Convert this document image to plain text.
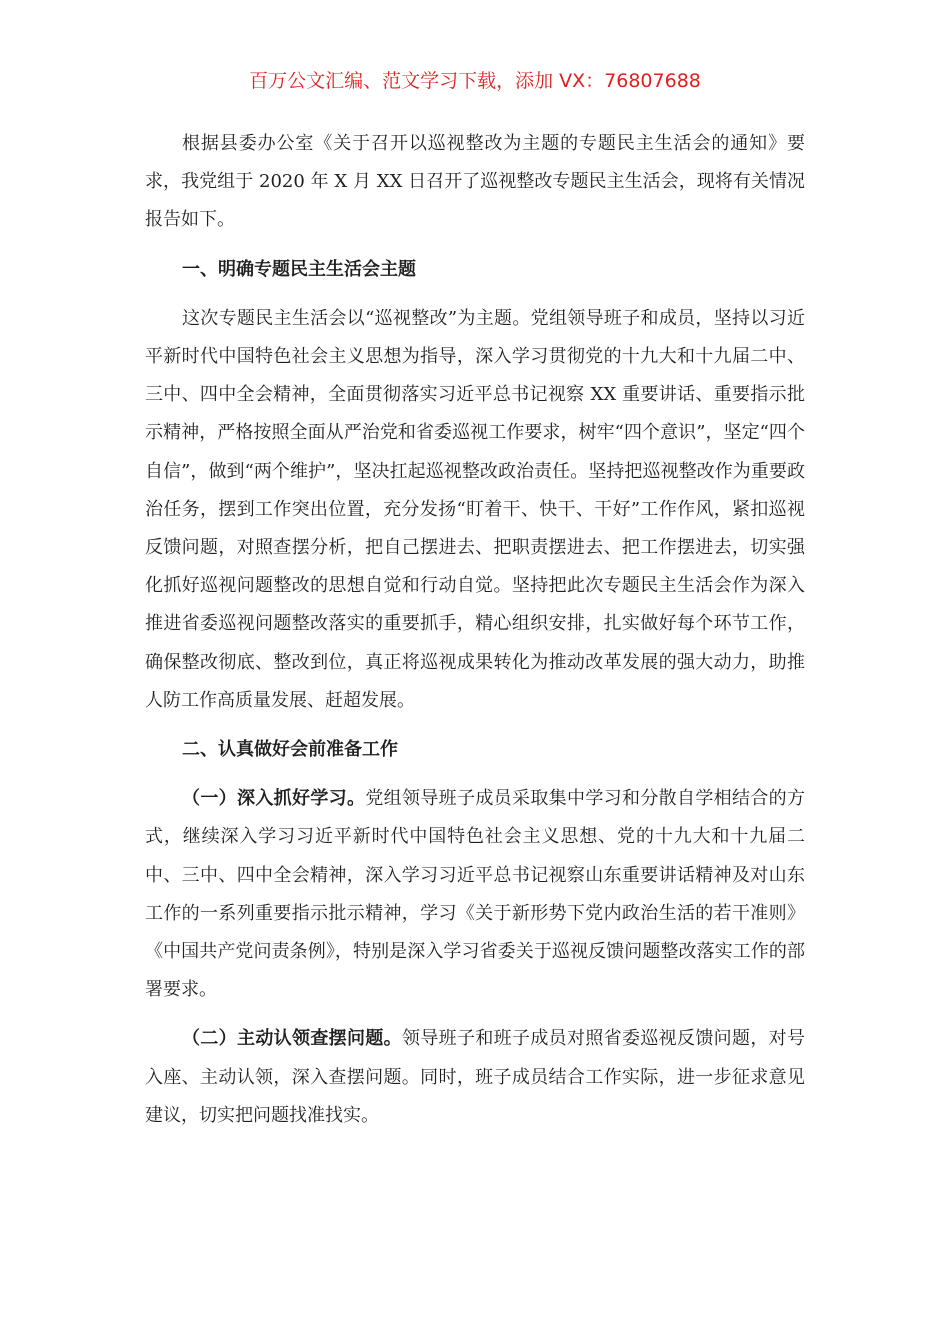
百万公文汇编、范文学习下载，添加 VX：76807688

根据县委办公室《关于召开以巡视整改为主题的专题民主生活会的通知》要求，我党组于 2020 年 X 月 XX 日召开了巡视整改专题民主生活会，现将有关情况报告如下。

一、明确专题民主生活会主题

这次专题民主生活会以“巡视整改”为主题。党组领导班子和成员，坚持以习近平新时代中国特色社会主义思想为指导，深入学习贯彻党的十九大和十九届二中、三中、四中全会精神，全面贯彻落实习近平总书记视察 XX 重要讲话、重要指示批示精神，严格按照全面从严治党和省委巡视工作要求，树牢“四个意识”，坚定“四个自信”，做到“两个维护”，坚决扛起巡视整改政治责任。坚持把巡视整改作为重要政治任务，摆到工作突出位置，充分发扬“盯着干、快干、干好”工作作风，紧扣巡视反馈问题，对照查摆分析，把自己摆进去、把职责摆进去、把工作摆进去，切实强化抓好巡视问题整改的思想自觉和行动自觉。坚持把此次专题民主生活会作为深入推进省委巡视问题整改落实的重要抓手，精心组织安排，扎实做好每个环节工作，确保整改彻底、整改到位，真正将巡视成果转化为推动改革发展的强大动力，助推人防工作高质量发展、赶超发展。

二、认真做好会前准备工作

（一）深入抓好学习。党组领导班子成员采取集中学习和分散自学相结合的方式，继续深入学习习近平新时代中国特色社会主义思想、党的十九大和十九届二中、三中、四中全会精神，深入学习习近平总书记视察山东重要讲话精神及对山东工作的一系列重要指示批示精神，学习《关于新形势下党内政治生活的若干准则》《中国共产党问责条例》，特别是深入学习省委关于巡视反馈问题整改落实工作的部署要求。

（二）主动认领查摆问题。领导班子和班子成员对照省委巡视反馈问题，对号入座、主动认领，深入查摆问题。同时，班子成员结合工作实际，进一步征求意见建议，切实把问题找准找实。
